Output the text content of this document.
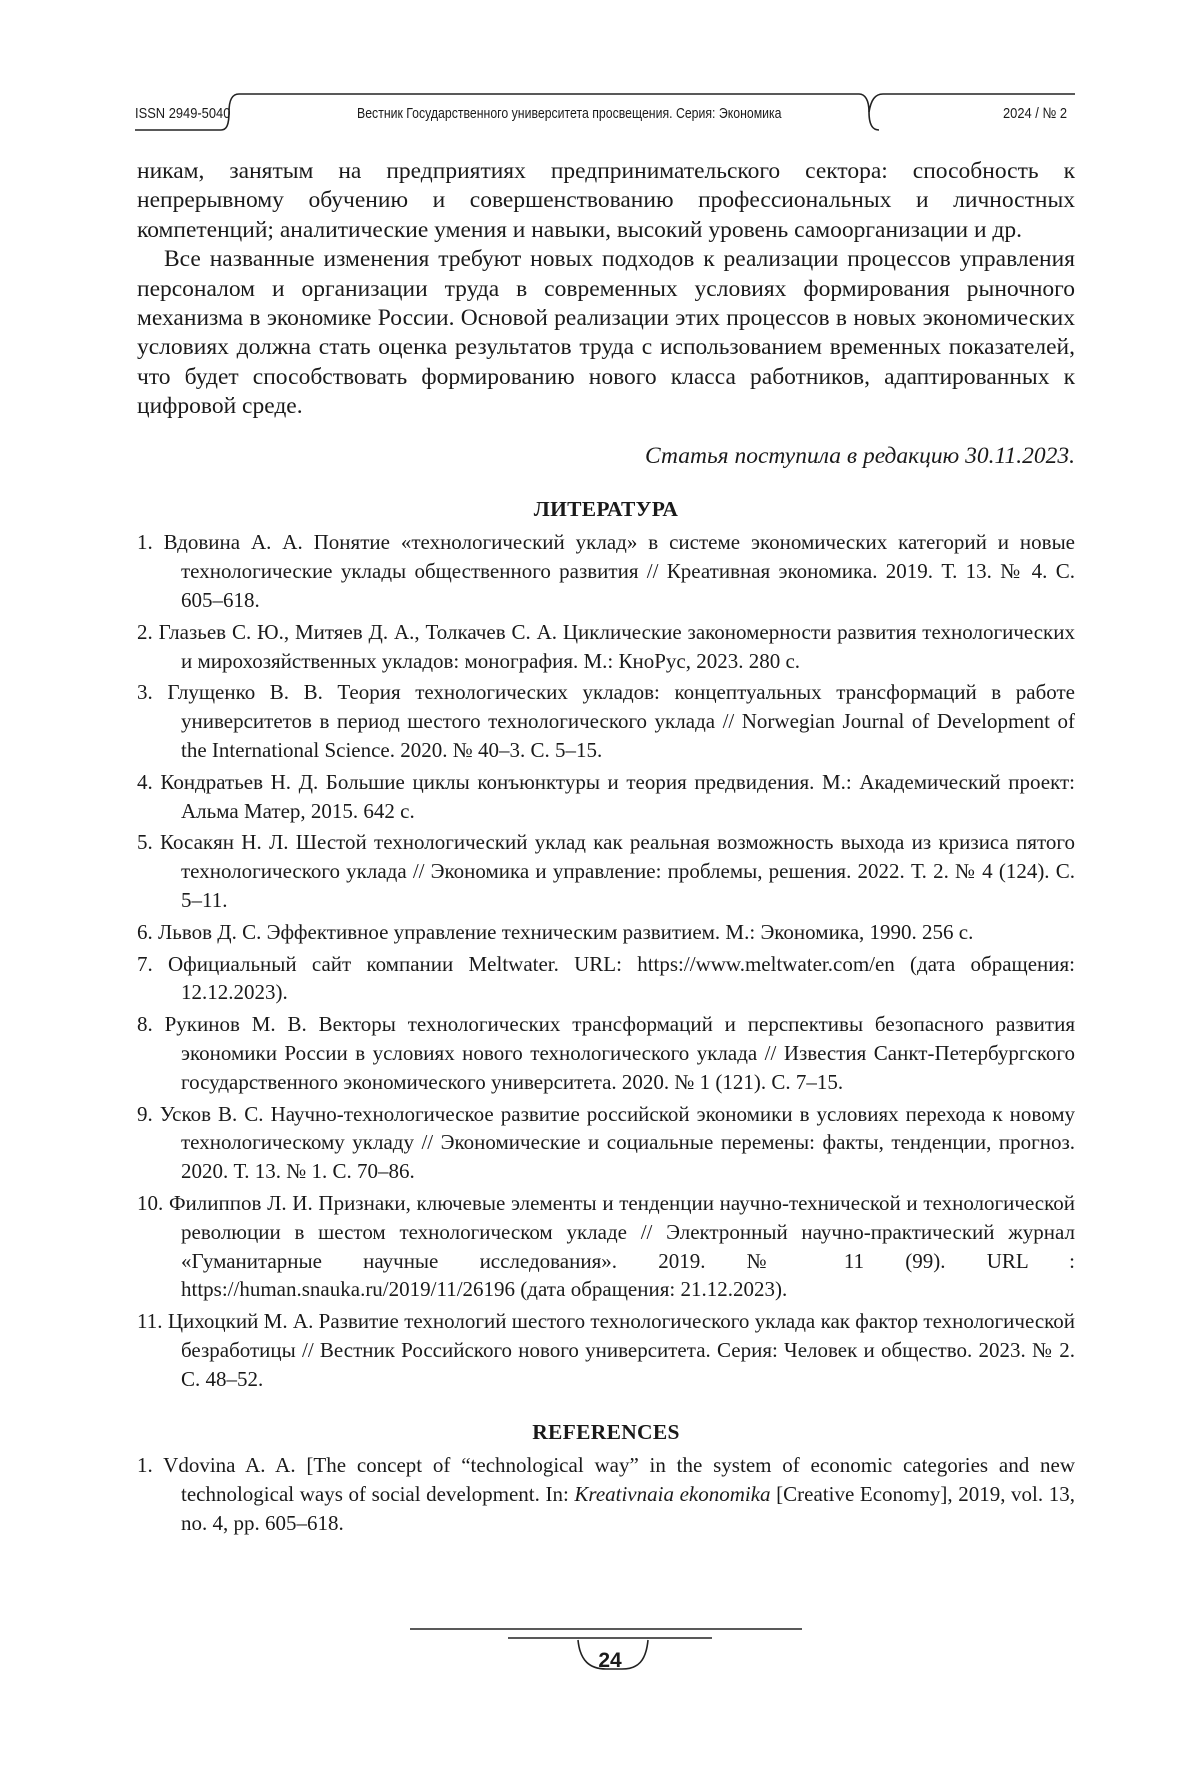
ISSN 2949-5040	Вестник Государственного университета просвещения. Серия: Экономика	2024 / № 2

никам, занятым на предприятиях предпринимательского сектора: способность к непрерывному обучению и совершенствованию профессиональных и личностных компетенций; аналитические умения и навыки, высокий уровень самоорганизации и др.

Все названные изменения требуют новых подходов к реализации процессов управления персоналом и организации труда в современных условиях формирования рыночного механизма в экономике России. Основой реализации этих процессов в новых экономических условиях должна стать оценка результатов труда с использованием временных показателей, что будет способствовать формированию нового класса работников, адаптированных к цифровой среде.

Статья поступила в редакцию 30.11.2023.

ЛИТЕРАТУРА
1. Вдовина А. А. Понятие «технологический уклад» в системе экономических категорий и новые технологические уклады общественного развития // Креативная экономика. 2019. Т. 13. № 4. С. 605–618.
2. Глазьев С. Ю., Митяев Д. А., Толкачев С. А. Циклические закономерности развития технологических и мирохозяйственных укладов: монография. М.: КноРус, 2023. 280 с.
3. Глущенко В. В. Теория технологических укладов: концептуальных трансформаций в работе университетов в период шестого технологического уклада // Norwegian Journal of Development of the International Science. 2020. № 40–3. С. 5–15.
4. Кондратьев Н. Д. Большие циклы конъюнктуры и теория предвидения. М.: Академический проект: Альма Матер, 2015. 642 с.
5. Косакян Н. Л. Шестой технологический уклад как реальная возможность выхода из кризиса пятого технологического уклада // Экономика и управление: проблемы, решения. 2022. Т. 2. № 4 (124). С. 5–11.
6. Львов Д. С. Эффективное управление техническим развитием. М.: Экономика, 1990. 256 с.
7. Официальный сайт компании Meltwater. URL: https://www.meltwater.com/en (дата обращения: 12.12.2023).
8. Рукинов М. В. Векторы технологических трансформаций и перспективы безопасного развития экономики России в условиях нового технологического уклада // Известия Санкт-Петербургского государственного экономического университета. 2020. № 1 (121). С. 7–15.
9. Усков В. С. Научно-технологическое развитие российской экономики в условиях перехода к новому технологическому укладу // Экономические и социальные перемены: факты, тенденции, прогноз. 2020. Т. 13. № 1. С. 70–86.
10. Филиппов Л. И. Признаки, ключевые элементы и тенденции научно-технической и технологической революции в шестом технологическом укладе // Электронный научно-практический журнал «Гуманитарные научные исследования». 2019. № 11 (99). URL : https://human.snauka.ru/2019/11/26196 (дата обращения: 21.12.2023).
11. Цихоцкий М. А. Развитие технологий шестого технологического уклада как фактор технологической безработицы // Вестник Российского нового университета. Серия: Человек и общество. 2023. № 2. С. 48–52.
REFERENCES
1. Vdovina A. A. [The concept of “technological way” in the system of economic categories and new technological ways of social development. In: Kreativnaia ekonomika [Creative Economy], 2019, vol. 13, no. 4, pp. 605–618.
24
